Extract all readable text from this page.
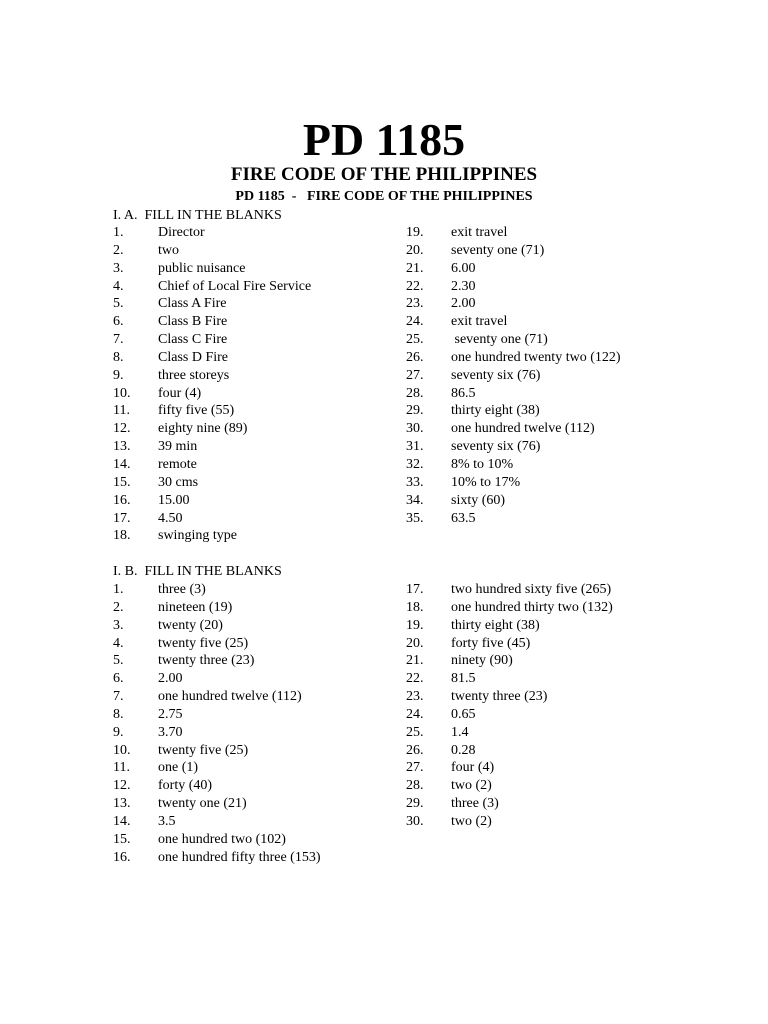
PD 1185
FIRE CODE OF THE PHILIPPINES
PD 1185  -   FIRE CODE OF THE PHILIPPINES
I. A.  FILL IN THE BLANKS
1. Director
2. two
3. public nuisance
4. Chief of Local Fire Service
5. Class A Fire
6. Class B Fire
7. Class C Fire
8. Class D Fire
9. three storeys
10. four (4)
11. fifty five (55)
12. eighty nine (89)
13. 39 min
14. remote
15. 30 cms
16. 15.00
17. 4.50
18. swinging type
19. exit travel
20. seventy one (71)
21. 6.00
22. 2.30
23. 2.00
24. exit travel
25. seventy one (71)
26. one hundred twenty two (122)
27. seventy six (76)
28. 86.5
29. thirty eight (38)
30. one hundred twelve (112)
31. seventy six (76)
32. 8% to 10%
33. 10% to 17%
34. sixty (60)
35. 63.5
I. B.  FILL IN THE BLANKS
1. three (3)
2. nineteen (19)
3. twenty (20)
4. twenty five (25)
5. twenty three (23)
6. 2.00
7. one hundred twelve (112)
8. 2.75
9. 3.70
10. twenty five (25)
11. one (1)
12. forty (40)
13. twenty one (21)
14. 3.5
15. one hundred two (102)
16. one hundred fifty three (153)
17. two hundred sixty five (265)
18. one hundred thirty two (132)
19. thirty eight (38)
20. forty five (45)
21. ninety (90)
22. 81.5
23. twenty three (23)
24. 0.65
25. 1.4
26. 0.28
27. four (4)
28. two (2)
29. three (3)
30. two (2)
